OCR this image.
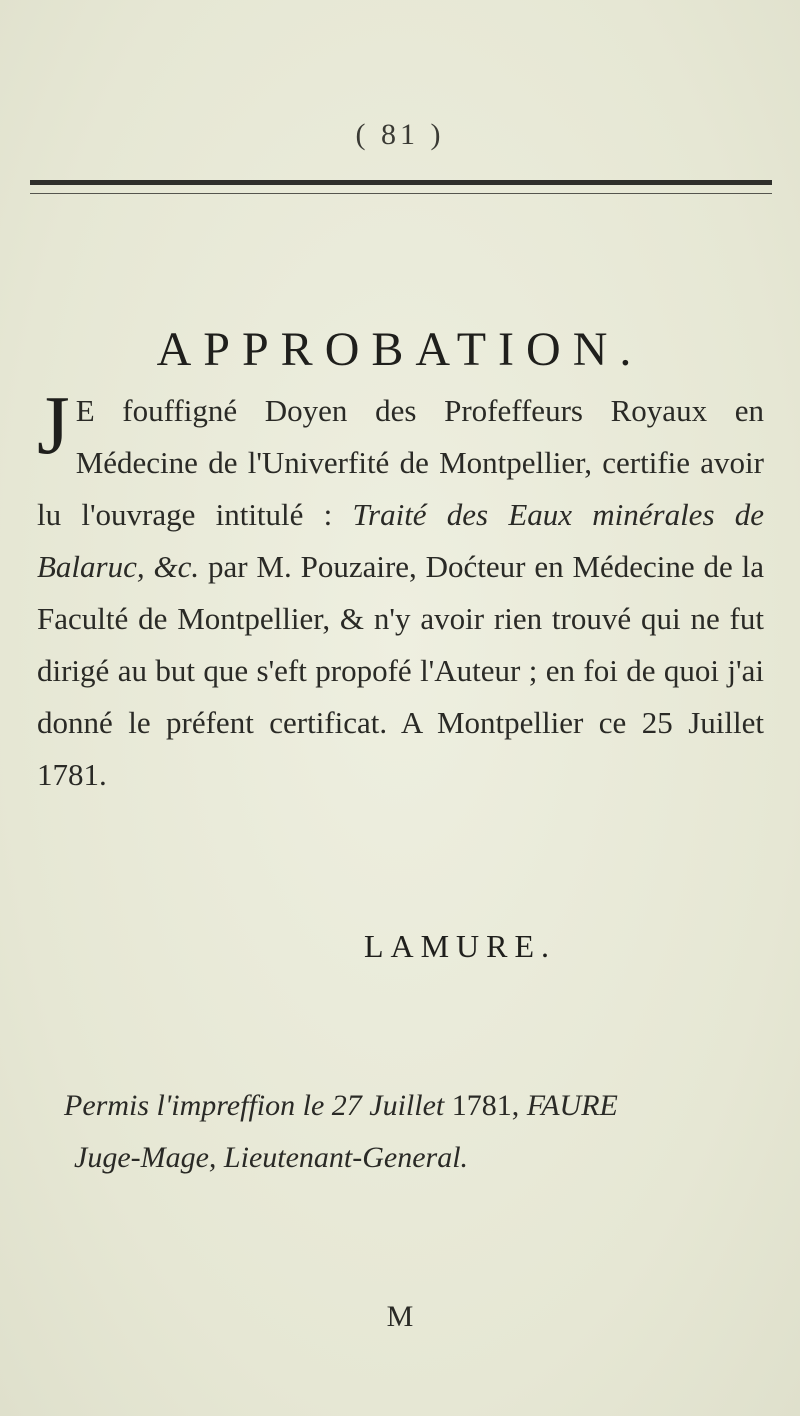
( 81 )
APPROBATION.
J E fouffigné Doyen des Profeffeurs Royaux en Médecine de l'Univerfité de Montpellier, certifie avoir lu l'ouvrage intitulé : Traité des Eaux minérales de Balaruc, &c. par M. Pouzaire, Doćteur en Médecine de la Faculté de Montpellier, & n'y avoir rien trouvé qui ne fut dirigé au but que s'eft propofé l'Auteur ; en foi de quoi j'ai donné le préfent certificat. A Montpellier ce 25 Juillet 1781.
LAMURE.
Permis l'impreffion le 27 Juillet 1781, FAURE
Juge-Mage, Lieutenant-General.
M
